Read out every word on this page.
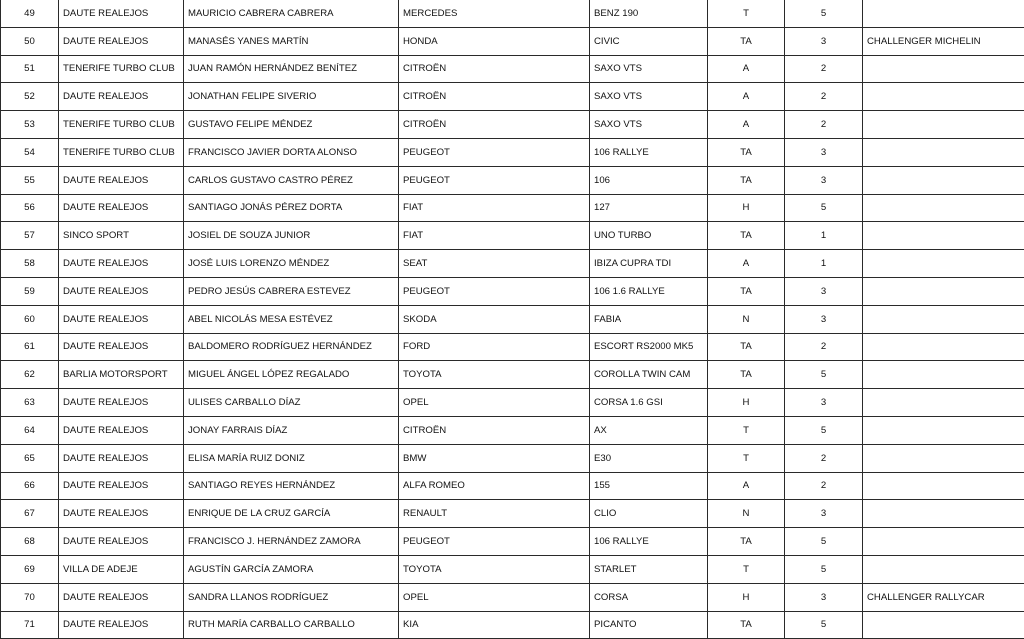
49	DAUTE REALEJOS	MAURICIO CABRERA CABRERA	MERCEDES	BENZ 190	T	5	
50	DAUTE REALEJOS	MANASÉS YANES MARTÍN	HONDA	CIVIC	TA	3	CHALLENGER MICHELIN
51	TENERIFE TURBO CLUB	JUAN RAMÓN HERNÁNDEZ BENÍTEZ	CITROËN	SAXO VTS	A	2	
52	DAUTE REALEJOS	JONATHAN FELIPE SIVERIO	CITROËN	SAXO VTS	A	2	
53	TENERIFE TURBO CLUB	GUSTAVO FELIPE MÉNDEZ	CITROËN	SAXO VTS	A	2	
54	TENERIFE TURBO CLUB	FRANCISCO JAVIER DORTA ALONSO	PEUGEOT	106 RALLYE	TA	3	
55	DAUTE REALEJOS	CARLOS GUSTAVO CASTRO PÉREZ	PEUGEOT	106	TA	3	
56	DAUTE REALEJOS	SANTIAGO JONÁS PÉREZ DORTA	FIAT	127	H	5	
57	SINCO SPORT	JOSIEL DE SOUZA JUNIOR	FIAT	UNO TURBO	TA	1	
58	DAUTE REALEJOS	JOSÉ LUIS LORENZO MÉNDEZ	SEAT	IBIZA CUPRA TDI	A	1	
59	DAUTE REALEJOS	PEDRO JESÚS CABRERA ESTEVEZ	PEUGEOT	106 1.6 RALLYE	TA	3	
60	DAUTE REALEJOS	ABEL NICOLÁS MESA ESTÉVEZ	SKODA	FABIA	N	3	
61	DAUTE REALEJOS	BALDOMERO RODRÍGUEZ HERNÁNDEZ	FORD	ESCORT RS2000 MK5	TA	2	
62	BARLIA MOTORSPORT	MIGUEL ÁNGEL LÓPEZ REGALADO	TOYOTA	COROLLA TWIN CAM	TA	5	
63	DAUTE REALEJOS	ULISES CARBALLO DÍAZ	OPEL	CORSA 1.6 GSI	H	3	
64	DAUTE REALEJOS	JONAY FARRAIS DÍAZ	CITROËN	AX	T	5	
65	DAUTE REALEJOS	ELISA MARÍA RUIZ DONIZ	BMW	E30	T	2	
66	DAUTE REALEJOS	SANTIAGO REYES HERNÁNDEZ	ALFA ROMEO	155	A	2	
67	DAUTE REALEJOS	ENRIQUE DE LA CRUZ GARCÍA	RENAULT	CLIO	N	3	
68	DAUTE REALEJOS	FRANCISCO J. HERNÁNDEZ ZAMORA	PEUGEOT	106 RALLYE	TA	5	
69	VILLA DE ADEJE	AGUSTÍN GARCÍA ZAMORA	TOYOTA	STARLET	T	5	
70	DAUTE REALEJOS	SANDRA LLANOS RODRÍGUEZ	OPEL	CORSA	H	3	CHALLENGER RALLYCAR
71	DAUTE REALEJOS	RUTH MARÍA CARBALLO CARBALLO	KIA	PICANTO	TA	5	
